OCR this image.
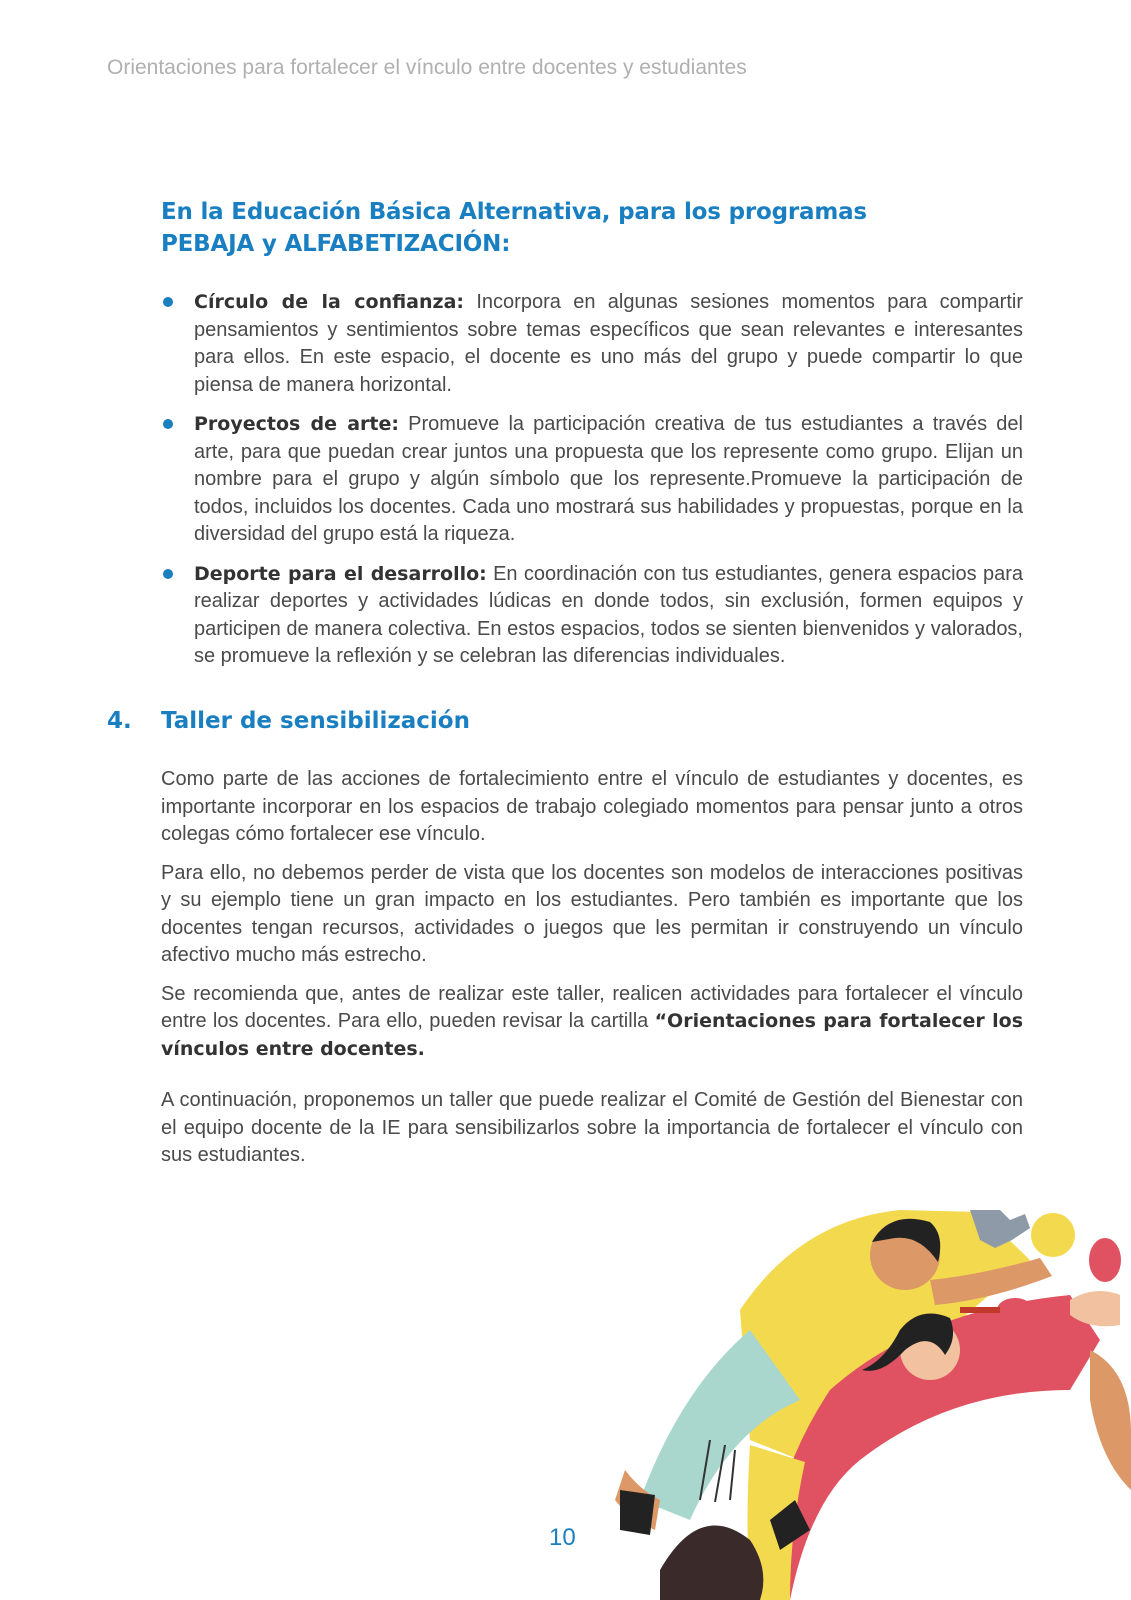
Orientaciones para fortalecer el vínculo entre docentes y estudiantes
En la Educación Básica Alternativa, para los programas
PEBAJA y ALFABETIZACIÓN:
Círculo de la confianza: Incorpora en algunas sesiones momentos para compartir pensamientos y sentimientos sobre temas específicos que sean relevantes e interesantes para ellos. En este espacio, el docente es uno más del grupo y puede compartir lo que piensa de manera horizontal.
Proyectos de arte: Promueve la participación creativa de tus estudiantes a través del arte, para que puedan crear juntos una propuesta que los represente como grupo. Elijan un nombre para el grupo y algún símbolo que los represente.Promueve la participación de todos, incluidos los docentes. Cada uno mostrará sus habilidades y propuestas, porque en la diversidad del grupo está la riqueza.
Deporte para el desarrollo: En coordinación con tus estudiantes, genera espacios para realizar deportes y actividades lúdicas en donde todos, sin exclusión, formen equipos y participen de manera colectiva. En estos espacios, todos se sienten bienvenidos y valorados, se promueve la reflexión y se celebran las diferencias individuales.
4. Taller de sensibilización

Como parte de las acciones de fortalecimiento entre el vínculo de estudiantes y docentes, es importante incorporar en los espacios de trabajo colegiado momentos para pensar junto a otros colegas cómo fortalecer ese vínculo.

Para ello, no debemos perder de vista que los docentes son modelos de interacciones positivas y su ejemplo tiene un gran impacto en los estudiantes. Pero también es importante que los docentes tengan recursos, actividades o juegos que les permitan ir construyendo un vínculo afectivo mucho más estrecho.

Se recomienda que, antes de realizar este taller, realicen actividades para fortalecer el vínculo entre los docentes. Para ello, pueden revisar la cartilla “Orientaciones para fortalecer los vínculos entre docentes.

A continuación, proponemos un taller que puede realizar el Comité de Gestión del Bienestar con el equipo docente de la IE para sensibilizarlos sobre la importancia de fortalecer el vínculo con sus estudiantes.

10
